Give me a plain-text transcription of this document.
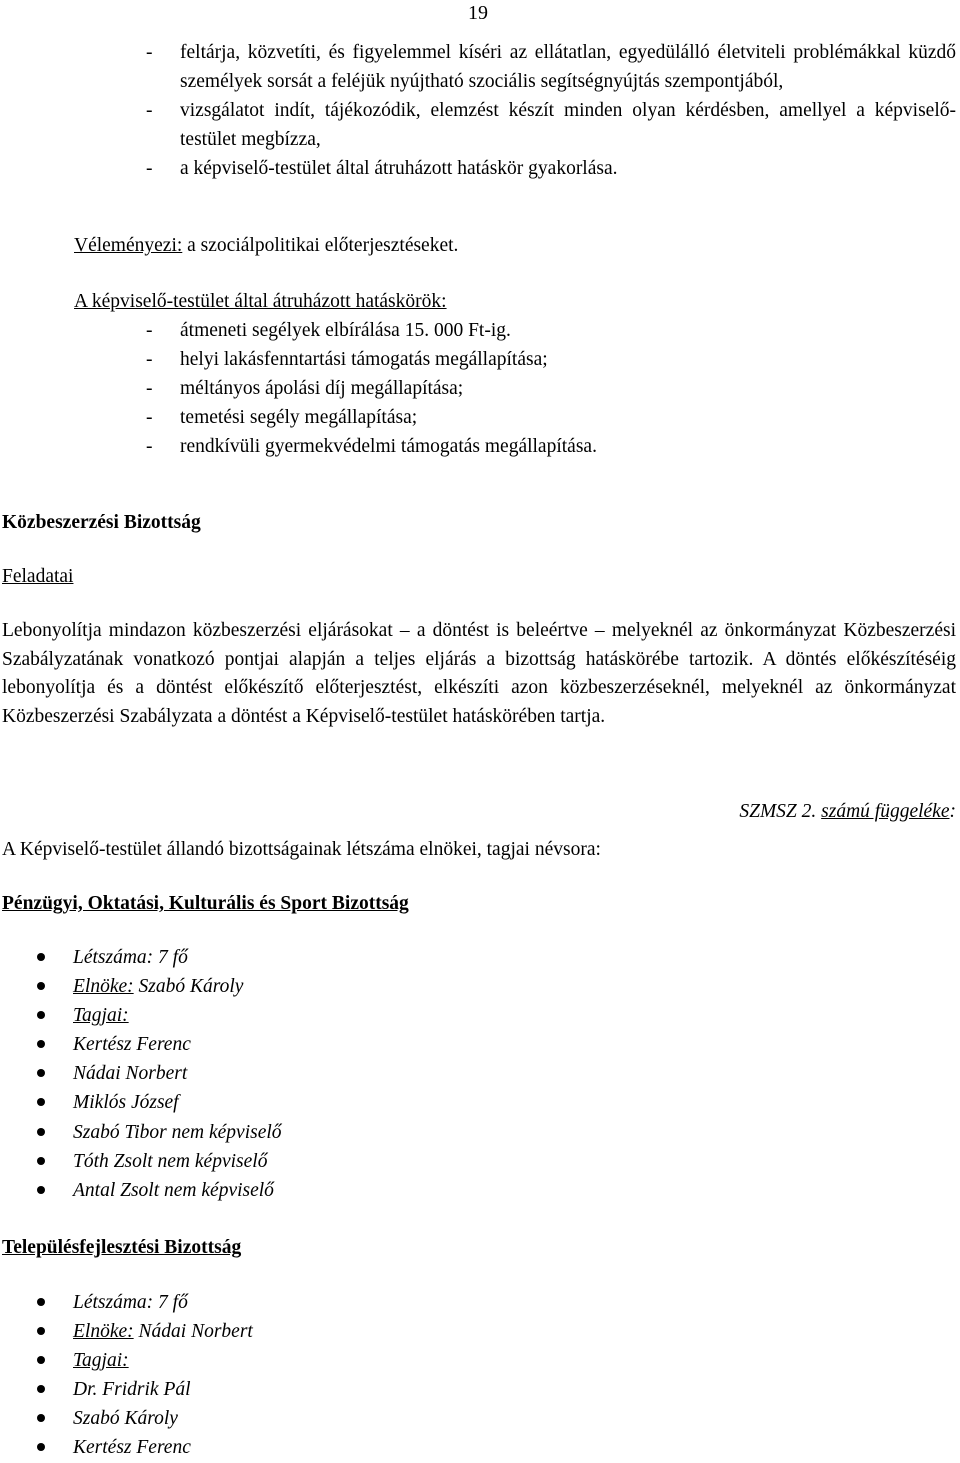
19
- feltárja, közvetíti, és figyelemmel kíséri az ellátatlan, egyedülálló életviteli problémákkal küzdő személyek sorsát a feléjük nyújtható szociális segítségnyújtás szempontjából,
- vizsgálatot indít, tájékozódik, elemzést készít minden olyan kérdésben, amellyel a képviselő-testület megbízza,
- a képviselő-testület által átruházott hatáskör gyakorlása.
Véleményezi: a szociálpolitikai előterjesztéseket.
A képviselő-testület által átruházott hatáskörök:
- átmeneti segélyek elbírálása 15. 000 Ft-ig.
- helyi lakásfenntartási támogatás megállapítása;
- méltányos ápolási díj megállapítása;
- temetési segély megállapítása;
- rendkívüli gyermekvédelmi támogatás megállapítása.
Közbeszerzési Bizottság
Feladatai

Lebonyolítja mindazon közbeszerzési eljárásokat – a döntést is beleértve – melyeknél az önkormányzat Közbeszerzési Szabályzatának vonatkozó pontjai alapján a teljes eljárás a bizottság hatáskörébe tartozik. A döntés előkészítéséig lebonyolítja és a döntést előkészítő előterjesztést, elkészíti azon közbeszerzéseknél, melyeknél az önkormányzat Közbeszerzési Szabályzata a döntést a Képviselő-testület hatáskörében tartja.

SZMSZ 2. számú függeléke:
A Képviselő-testület állandó bizottságainak létszáma elnökei, tagjai névsora:
Pénzügyi, Oktatási, Kulturális és Sport Bizottság
Létszáma: 7 fő
Elnöke: Szabó Károly
Tagjai:
Kertész Ferenc
Nádai Norbert
Miklós József
Szabó Tibor nem képviselő
Tóth Zsolt nem képviselő
Antal Zsolt nem képviselő
Településfejlesztési Bizottság
Létszáma: 7 fő
Elnöke: Nádai Norbert
Tagjai:
Dr. Fridrik Pál
Szabó Károly
Kertész Ferenc
